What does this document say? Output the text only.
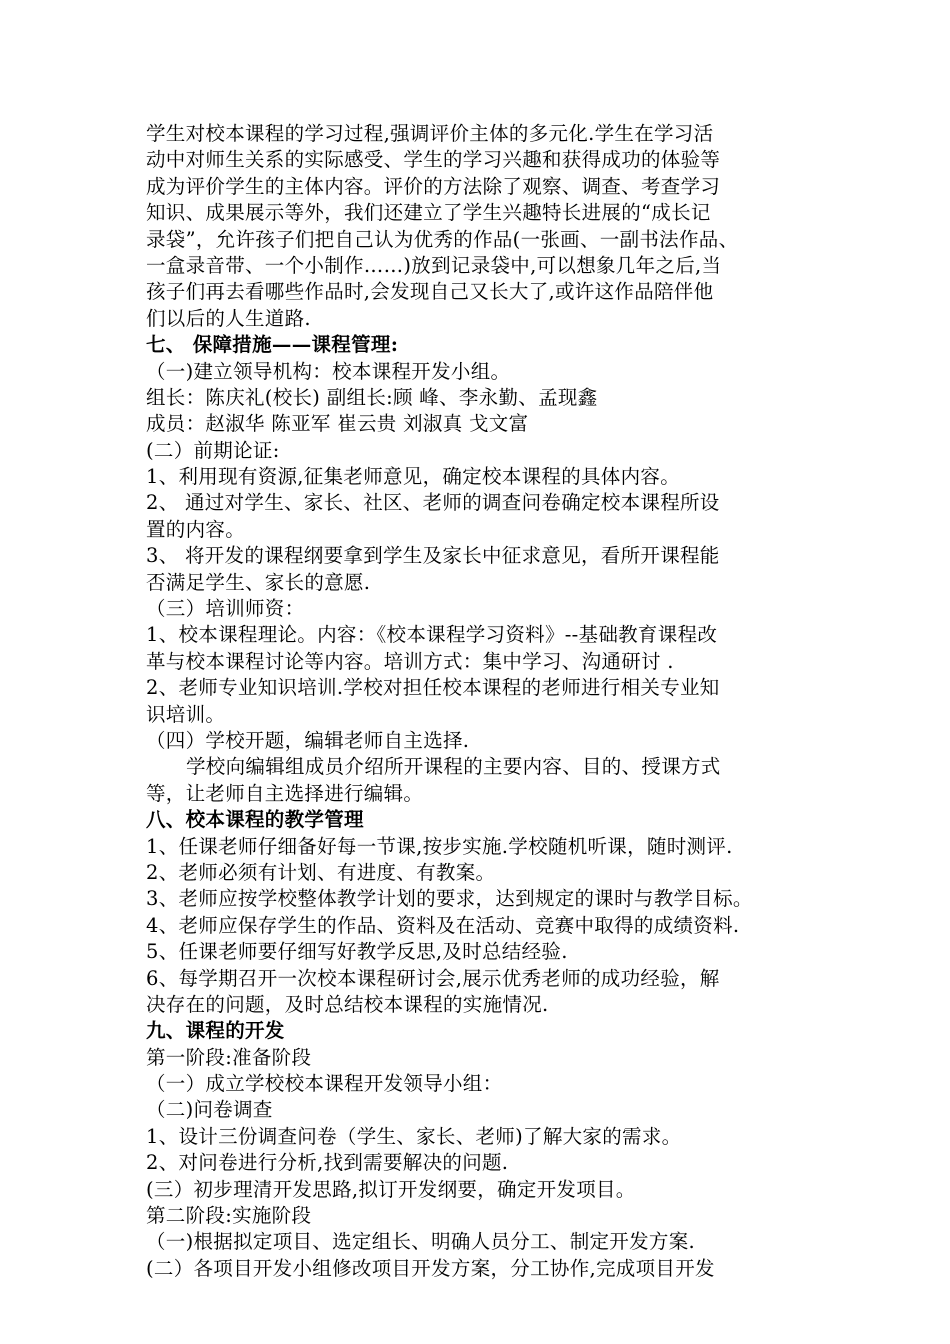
学生对校本课程的学习过程,强调评价主体的多元化.学生在学习活
动中对师生关系的实际感受、学生的学习兴趣和获得成功的体验等
成为评价学生的主体内容。评价的方法除了观察、调查、考查学习
知识、成果展示等外，我们还建立了学生兴趣特长进展的“成长记
录袋”，允许孩子们把自己认为优秀的作品(一张画、一副书法作品、
一盒录音带、一个小制作……)放到记录袋中,可以想象几年之后,当
孩子们再去看哪些作品时,会发现自己又长大了,或许这作品陪伴他
们以后的人生道路.
七、 保障措施——课程管理:
（一)建立领导机构：校本课程开发小组。
组长：陈庆礼(校长) 副组长:顾 峰、李永勤、孟现鑫
成员：赵淑华 陈亚军 崔云贵 刘淑真 戈文富
(二）前期论证:
1、利用现有资源,征集老师意见，确定校本课程的具体内容。
2、 通过对学生、家长、社区、老师的调查问卷确定校本课程所设
置的内容。
3、 将开发的课程纲要拿到学生及家长中征求意见，看所开课程能
否满足学生、家长的意愿.
（三）培训师资：
1、校本课程理论。内容：《校本课程学习资料》--基础教育课程改
革与校本课程讨论等内容。培训方式：集中学习、沟通研讨 .
2、老师专业知识培训.学校对担任校本课程的老师进行相关专业知
识培训。
（四）学校开题，编辑老师自主选择.
学校向编辑组成员介绍所开课程的主要内容、目的、授课方式
等，让老师自主选择进行编辑。
八、校本课程的教学管理
1、任课老师仔细备好每一节课,按步实施.学校随机听课，随时测评.
2、老师必须有计划、有进度、有教案。
3、老师应按学校整体教学计划的要求，达到规定的课时与教学目标。
4、老师应保存学生的作品、资料及在活动、竞赛中取得的成绩资料.
5、任课老师要仔细写好教学反思,及时总结经验.
6、每学期召开一次校本课程研讨会,展示优秀老师的成功经验，解
决存在的问题，及时总结校本课程的实施情况.
九、课程的开发
第一阶段:准备阶段
（一）成立学校校本课程开发领导小组：
（二)问卷调查
1、设计三份调查问卷（学生、家长、老师)了解大家的需求。
2、对问卷进行分析,找到需要解决的问题.
(三）初步理清开发思路,拟订开发纲要，确定开发项目。
第二阶段:实施阶段
（一)根据拟定项目、选定组长、明确人员分工、制定开发方案.
(二）各项目开发小组修改项目开发方案，分工协作,完成项目开发
